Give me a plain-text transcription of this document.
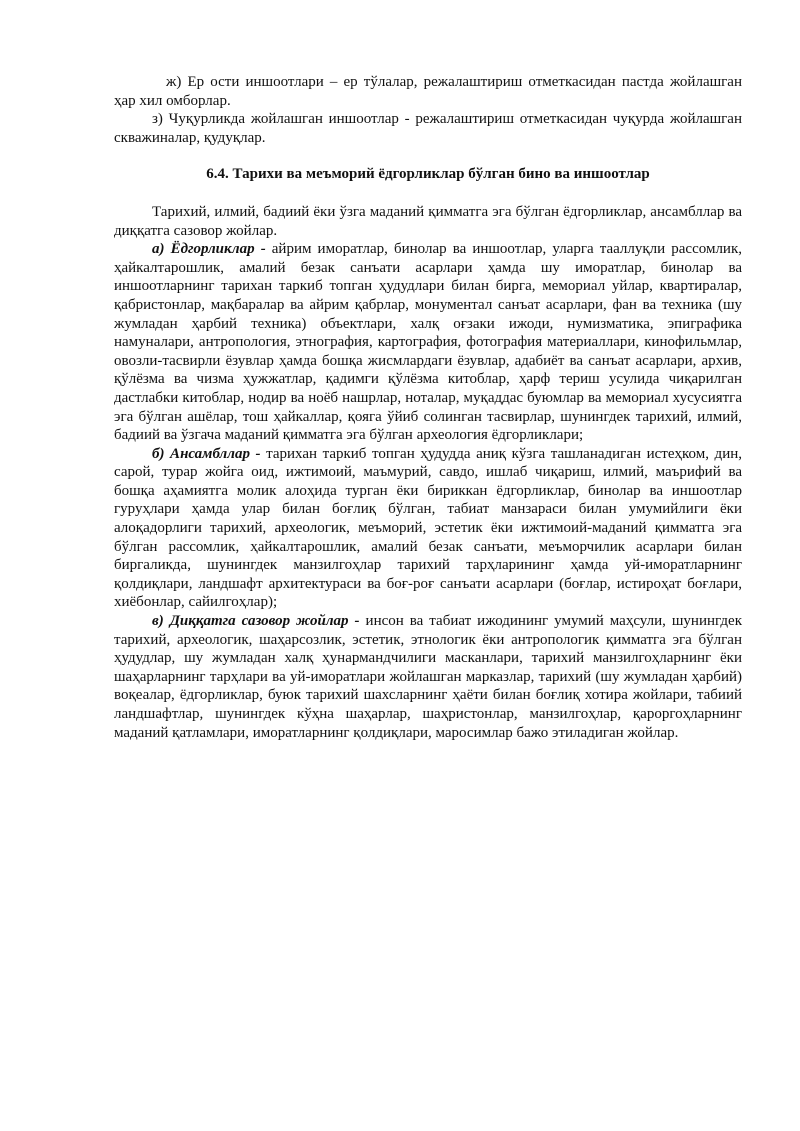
ж) Ер ости иншоотлари – ер тўлалар, режалаштириш отметкасидан пастда жойлашган ҳар хил омборлар.

з) Чуқурликда жойлашган иншоотлар - режалаштириш отметкасидан чуқурда жойлашган скважиналар, қудуқлар.

6.4. Тарихи ва меъморий ёдгорликлар бўлган бино ва иншоотлар

Тарихий, илмий, бадиий ёки ўзга маданий қимматга эга бўлган ёдгорликлар, ансамбллар ва диққатга сазовор жойлар.

а) Ёдгорликлар - айрим иморатлар, бинолар ва иншоотлар, уларга тааллуқли рассомлик, ҳайкалтарошлик, амалий безак санъати асарлари ҳамда шу иморатлар, бинолар ва иншоотларнинг тарихан таркиб топган ҳудудлари билан бирга, мемориал уйлар, квартиралар, қабристонлар, мақбаралар ва айрим қабрлар, монументал санъат асарлари, фан ва техника (шу жумладан ҳарбий техника) объектлари, халқ оғзаки ижоди, нумизматика, эпиграфика намуналари, антропология, этнография, картография, фотография материаллари, кинофильмлар, овозли-тасвирли ёзувлар ҳамда бошқа жисмлардаги ёзувлар, адабиёт ва санъат асарлари, архив, қўлёзма ва чизма ҳужжатлар, қадимги қўлёзма китоблар, ҳарф териш усулида чиқарилган дастлабки китоблар, нодир ва ноёб нашрлар, ноталар, муқаддас буюмлар ва мемориал хусусиятга эга бўлган ашёлар, тош ҳайкаллар, қояга ўйиб солинган тасвирлар, шунингдек тарихий, илмий, бадиий ва ўзгача маданий қимматга эга бўлган археология ёдгорликлари;

б) Ансамбллар - тарихан таркиб топган ҳудудда аниқ кўзга ташланадиган истеҳком, дин, сарой, турар жойга оид, ижтимоий, маъмурий, савдо, ишлаб чиқариш, илмий, маърифий ва бошқа аҳамиятга молик алоҳида турган ёки бириккан ёдгорликлар, бинолар ва иншоотлар гуруҳлари ҳамда улар билан боғлиқ бўлган, табиат манзараси билан умумийлиги ёки алоқадорлиги тарихий, археологик, меъморий, эстетик ёки ижтимоий-маданий қимматга эга бўлган рассомлик, ҳайкалтарошлик, амалий безак санъати, меъморчилик асарлари билан биргаликда, шунингдек манзилгоҳлар тарихий тарҳларининг ҳамда уй-иморатларнинг қолдиқлари, ландшафт архитектураси ва боғ-роғ санъати асарлари (боғлар, истироҳат боғлари, хиёбонлар, сайилгоҳлар);

в) Диққатга сазовор жойлар - инсон ва табиат ижодининг умумий маҳсули, шунингдек тарихий, археологик, шаҳарсозлик, эстетик, этнологик ёки антропологик қимматга эга бўлган ҳудудлар, шу жумладан халқ ҳунармандчилиги масканлари, тарихий манзилгоҳларнинг ёки шаҳарларнинг тарҳлари ва уй-иморатлари жойлашган марказлар, тарихий (шу жумладан ҳарбий) воқеалар, ёдгорликлар, буюк тарихий шахсларнинг ҳаёти билан боғлиқ хотира жойлари, табиий ландшафтлар, шунингдек кўҳна шаҳарлар, шаҳристонлар, манзилгоҳлар, қароргоҳларнинг маданий қатламлари, иморатларнинг қолдиқлари, маросимлар бажо этиладиган жойлар.
